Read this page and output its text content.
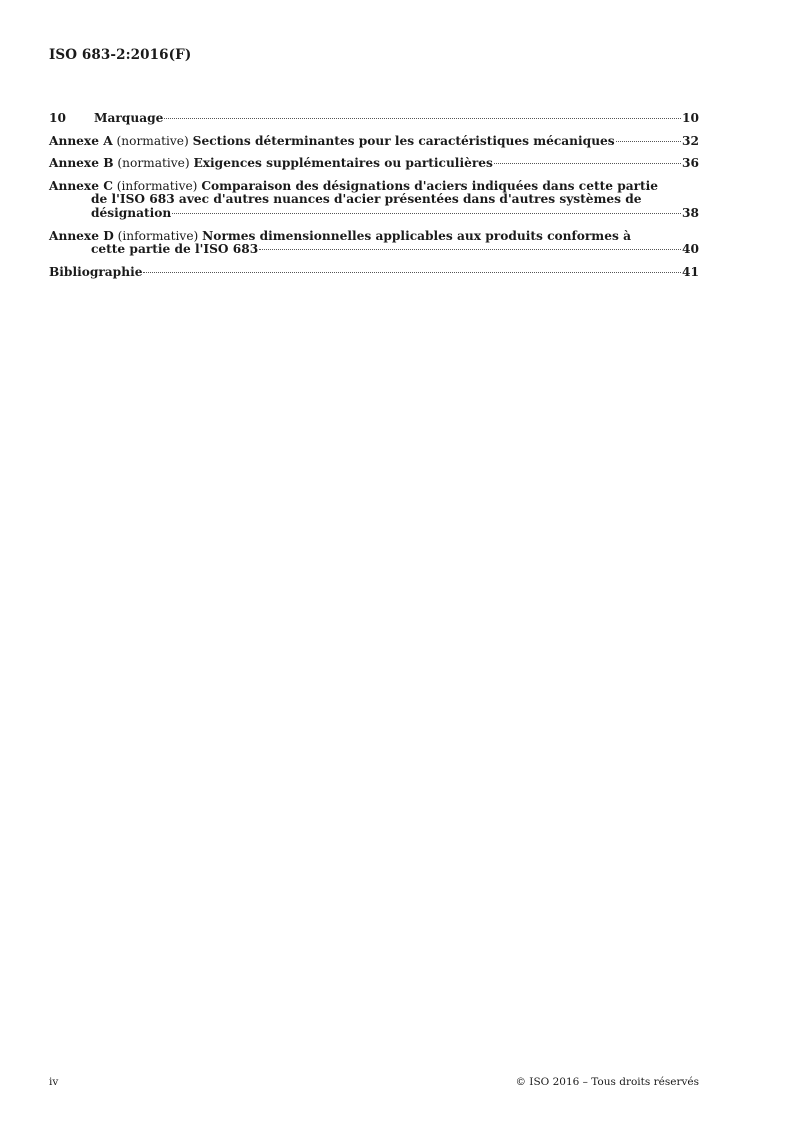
ISO 683-2:2016(F)
10	Marquage	10
Annexe A (normative) Sections déterminantes pour les caractéristiques mécaniques	32
Annexe B (normative) Exigences supplémentaires ou particulières	36
Annexe C (informative) Comparaison des désignations d'aciers indiquées dans cette partie
de l'ISO 683 avec d'autres nuances d'acier présentées dans d'autres systèmes de
désignation	38
Annexe D (informative) Normes dimensionnelles applicables aux produits conformes à
cette partie de l'ISO 683	40
Bibliographie	41
iv	© ISO 2016 – Tous droits réservés
